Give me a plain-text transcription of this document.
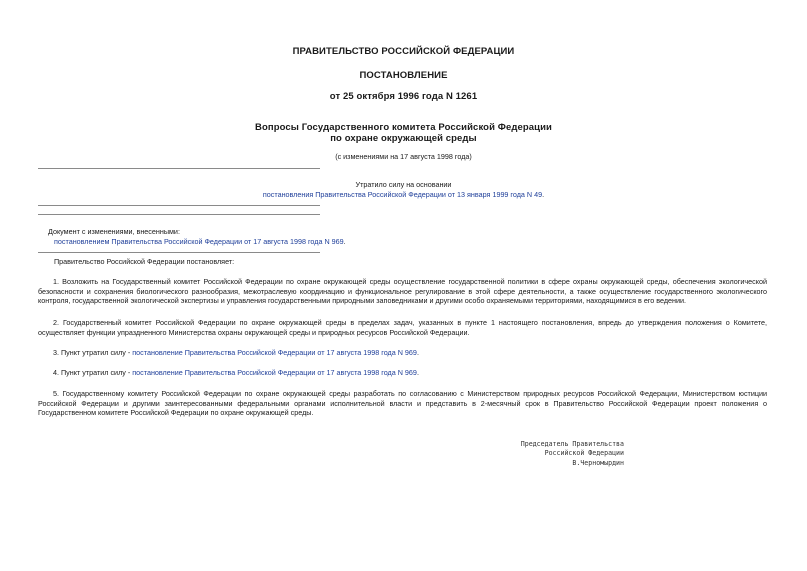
ПРАВИТЕЛЬСТВО РОССИЙСКОЙ ФЕДЕРАЦИИ
ПОСТАНОВЛЕНИЕ
от 25 октября 1996 года N 1261
Вопросы Государственного комитета Российской Федерации
по охране окружающей среды
(с изменениями на 17 августа 1998 года)
Утратило силу на основании
постановления Правительства Российской Федерации от 13 января 1999 года N 49.
Документ с изменениями, внесенными:
постановлением Правительства Российской Федерации от 17 августа 1998 года N 969.
Правительство Российской Федерации постановляет:
1. Возложить на Государственный комитет Российской Федерации по охране окружающей среды осуществление государственной политики в сфере охраны окружающей среды, обеспечения экологической безопасности и сохранения биологического разнообразия, межотраслевую координацию и функциональное регулирование в этой сфере деятельности, а также осуществление государственного экологического контроля, государственной экологической экспертизы и управления государственными природными заповедниками и другими особо охраняемыми территориями, находящимися в его ведении.
2. Государственный комитет Российской Федерации по охране окружающей среды в пределах задач, указанных в пункте 1 настоящего постановления, впредь до утверждения положения о Комитете, осуществляет функции упраздненного Министерства охраны окружающей среды и природных ресурсов Российской Федерации.
3. Пункт утратил силу - постановление Правительства Российской Федерации от 17 августа 1998 года N 969.
4. Пункт утратил силу - постановление Правительства Российской Федерации от 17 августа 1998 года N 969.
5. Государственному комитету Российской Федерации по охране окружающей среды разработать по согласованию с Министерством природных ресурсов Российской Федерации, Министерством юстиции Российской Федерации и другими заинтересованными федеральными органами исполнительной власти и представить в 2-месячный срок в Правительство Российской Федерации проект положения о Государственном комитете Российской Федерации по охране окружающей среды.
Председатель Правительства
Российской Федерации
В.Черномырдин
